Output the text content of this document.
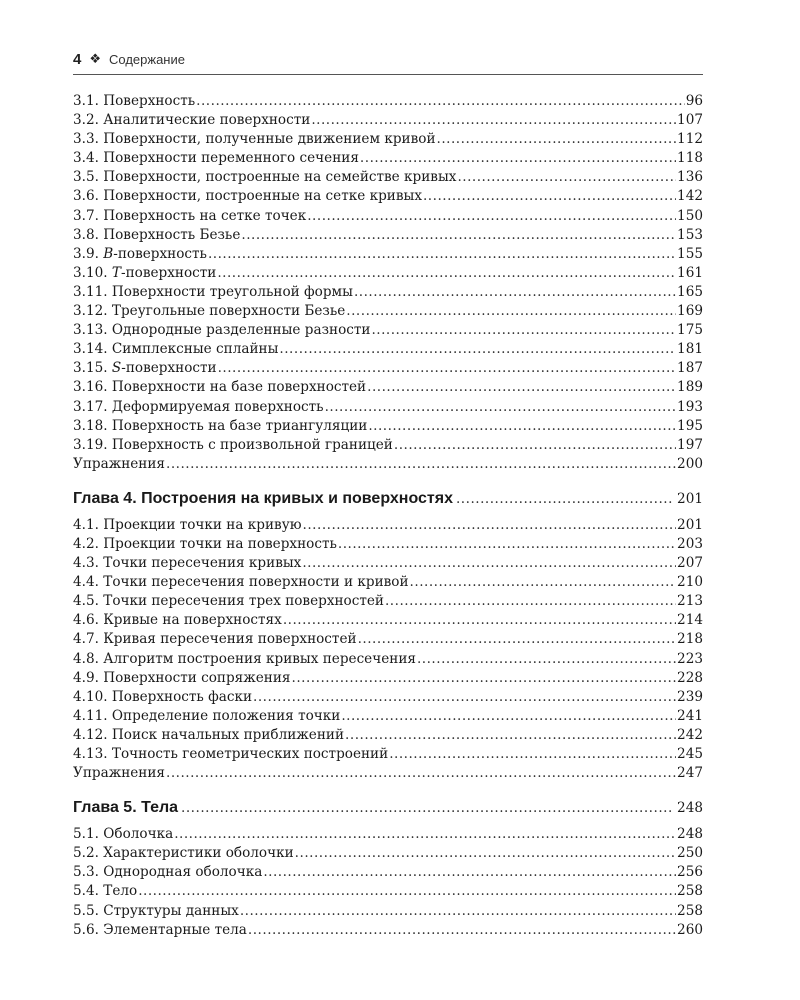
4 ❖ Содержание
3.1. Поверхность .....	96
3.2. Аналитические поверхности .....	107
3.3. Поверхности, полученные движением кривой .....	112
3.4. Поверхности переменного сечения .....	118
3.5. Поверхности, построенные на семействе кривых .....	136
3.6. Поверхности, построенные на сетке кривых .....	142
3.7. Поверхность на сетке точек .....	150
3.8. Поверхность Безье .....	153
3.9. B-поверхность .....	155
3.10. T-поверхности .....	161
3.11. Поверхности треугольной формы .....	165
3.12. Треугольные поверхности Безье .....	169
3.13. Однородные разделенные разности .....	175
3.14. Симплексные сплайны .....	181
3.15. S-поверхности .....	187
3.16. Поверхности на базе поверхностей .....	189
3.17. Деформируемая поверхность .....	193
3.18. Поверхность на базе триангуляции .....	195
3.19. Поверхность с произвольной границей .....	197
Упражнения .....	200
Глава 4. Построения на кривых и поверхностях .....	201
4.1. Проекции точки на кривую .....	201
4.2. Проекции точки на поверхность .....	203
4.3. Точки пересечения кривых .....	207
4.4. Точки пересечения поверхности и кривой .....	210
4.5. Точки пересечения трех поверхностей .....	213
4.6. Кривые на поверхностях .....	214
4.7. Кривая пересечения поверхностей .....	218
4.8. Алгоритм построения кривых пересечения .....	223
4.9. Поверхности сопряжения .....	228
4.10. Поверхность фаски .....	239
4.11. Определение положения точки .....	241
4.12. Поиск начальных приближений .....	242
4.13. Точность геометрических построений .....	245
Упражнения .....	247
Глава 5. Тела .....	248
5.1. Оболочка .....	248
5.2. Характеристики оболочки .....	250
5.3. Однородная оболочка .....	256
5.4. Тело .....	258
5.5. Структуры данных .....	258
5.6. Элементарные тела .....	260
